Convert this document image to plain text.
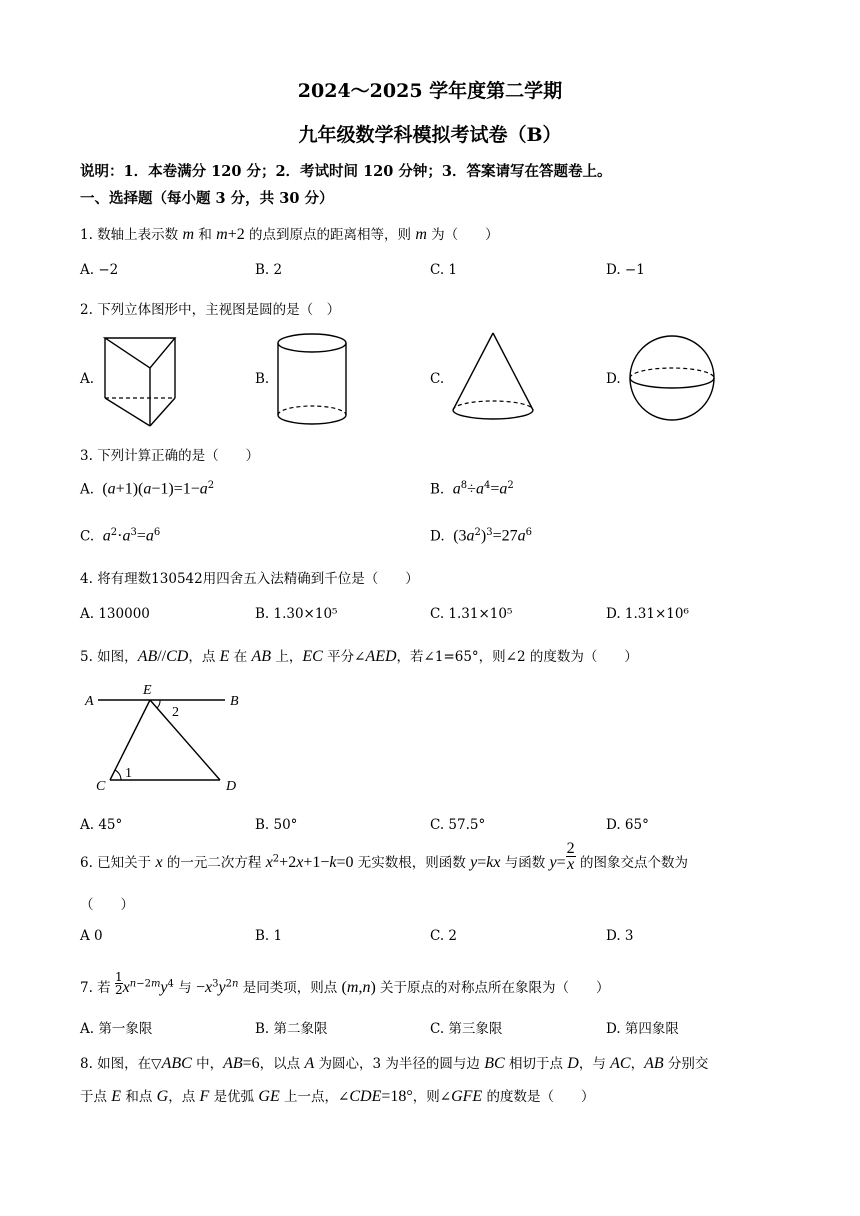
2024～2025 学年度第二学期
九年级数学科模拟考试卷（B）
说明：1．本卷满分 120 分；2．考试时间 120 分钟；3．答案请写在答题卷上。
一、选择题（每小题 3 分，共 30 分）
1. 数轴上表示数 m 和 m+2 的点到原点的距离相等，则 m 为（　　）
A. −2	B. 2	C. 1	D. −1
2. 下列立体图形中，主视图是圆的是（　）
A.	B.	C.	D.
3. 下列计算正确的是（　　）
A.  $(a+1)(a-1)=1-a^2$	B.  $a^8\div a^4=a^2$
C.  $a^2\cdot a^3=a^6$	D.  $(3a^2)^3=27a^6$
4. 将有理数130542用四舍五入法精确到千位是（　　）
A. 130000	B. 1.30×10⁵	C. 1.31×10⁵	D. 1.31×10⁶
5. 如图，AB//CD，点 E 在 AB 上，EC 平分∠AED，若∠1=65°，则∠2 的度数为（　　）
A
E
B
2
C
1
D
A. 45°	B. 50°	C. 57.5°	D. 65°
6. 已知关于 x 的一元二次方程 $x^2+2x+1-k=0$ 无实数根，则函数 y=kx 与函数 $y= \frac{2}{x}$ 的图象交点个数为
（　　）
A 0	B. 1	C. 2	D. 3
7. 若 $\frac{1}{2} x^{n-2m}y^4$ 与 $-x^3y^{2n}$ 是同类项，则点 (m,n) 关于原点的对称点所在象限为（　　）
A. 第一象限	B. 第二象限	C. 第三象限	D. 第四象限
8. 如图，在▽ABC 中，AB=6，以点 A 为圆心，3 为半径的圆与边 BC 相切于点 D，与 AC，AB 分别交
于点 E 和点 G，点 F 是优弧 GE 上一点，∠CDE=18°，则∠GFE 的度数是（　　）
